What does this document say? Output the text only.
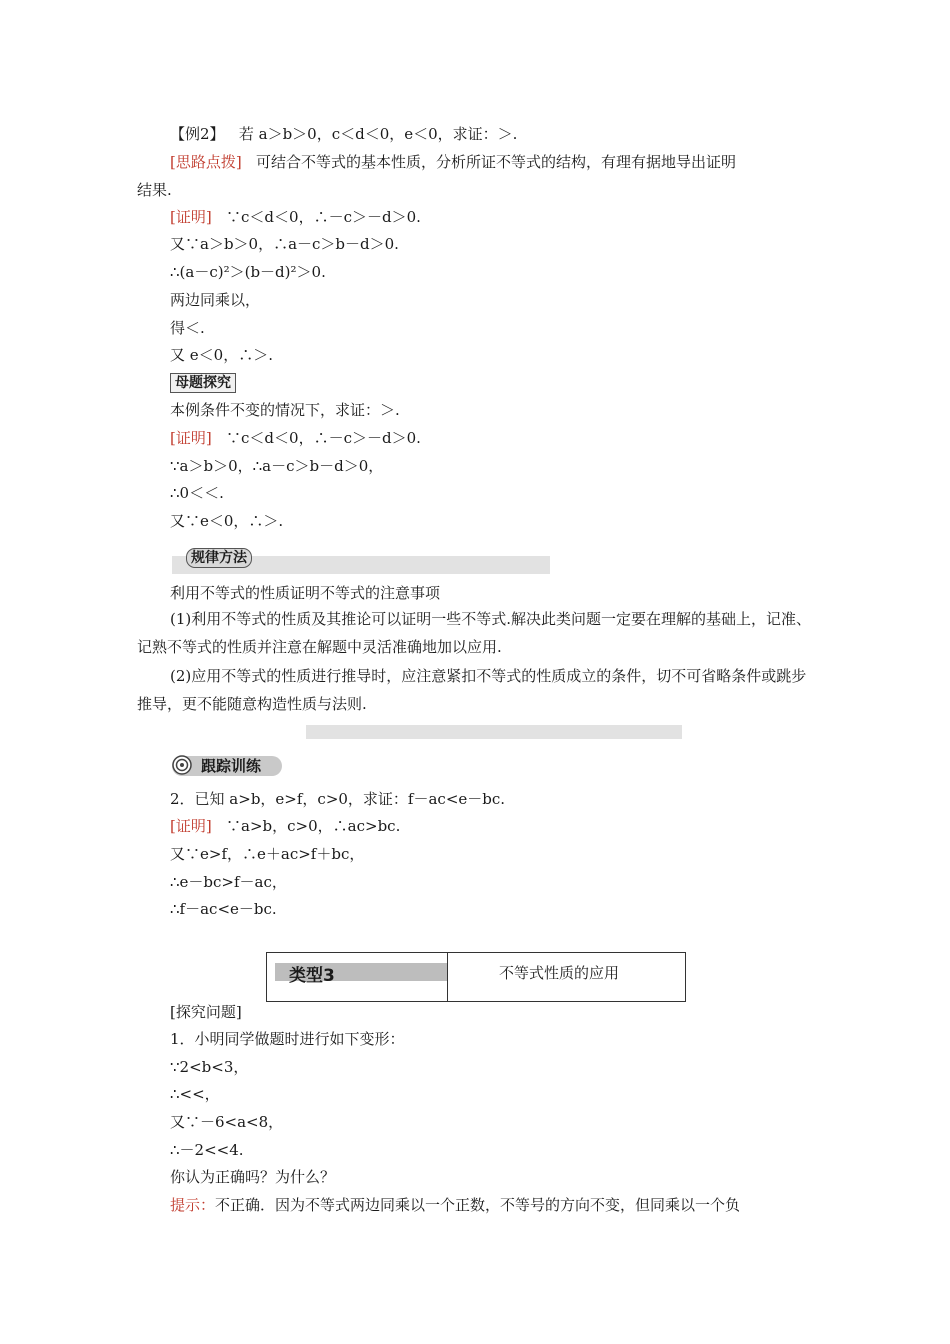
【例2】 若 a＞b＞0，c＜d＜0，e＜0，求证：＞.
[思路点拨] 可结合不等式的基本性质，分析所证不等式的结构，有理有据地导出证明
结果.
[证明] ∵c＜d＜0，∴－c＞－d＞0.
又∵a＞b＞0，∴a－c＞b－d＞0.
∴(a－c)²＞(b－d)²＞0.
两边同乘以，
得＜.
又 e＜0，∴＞.
母题探究
本例条件不变的情况下，求证：＞.
[证明] ∵c＜d＜0，∴－c＞－d＞0.
∵a＞b＞0，∴a－c＞b－d＞0，
∴0＜＜.
又∵e＜0，∴＞.
规律方法
利用不等式的性质证明不等式的注意事项
(1)利用不等式的性质及其推论可以证明一些不等式.解决此类问题一定要在理解的基础上，记准、记熟不等式的性质并注意在解题中灵活准确地加以应用.
(2)应用不等式的性质进行推导时，应注意紧扣不等式的性质成立的条件，切不可省略条件或跳步推导，更不能随意构造性质与法则.
跟踪训练
2．已知 a>b，e>f，c>0，求证：f－ac<e－bc.
[证明] ∵a>b，c>0，∴ac>bc.
又∵e>f，∴e＋ac>f＋bc，
∴e－bc>f－ac，
∴f－ac<e－bc.
类型3	不等式性质的应用
[探究问题]
1．小明同学做题时进行如下变形：
∵2<b<3，
∴<<，
又∵－6<a<8，
∴－2<<4.
你认为正确吗？为什么？
提示：不正确．因为不等式两边同乘以一个正数，不等号的方向不变，但同乘以一个负
